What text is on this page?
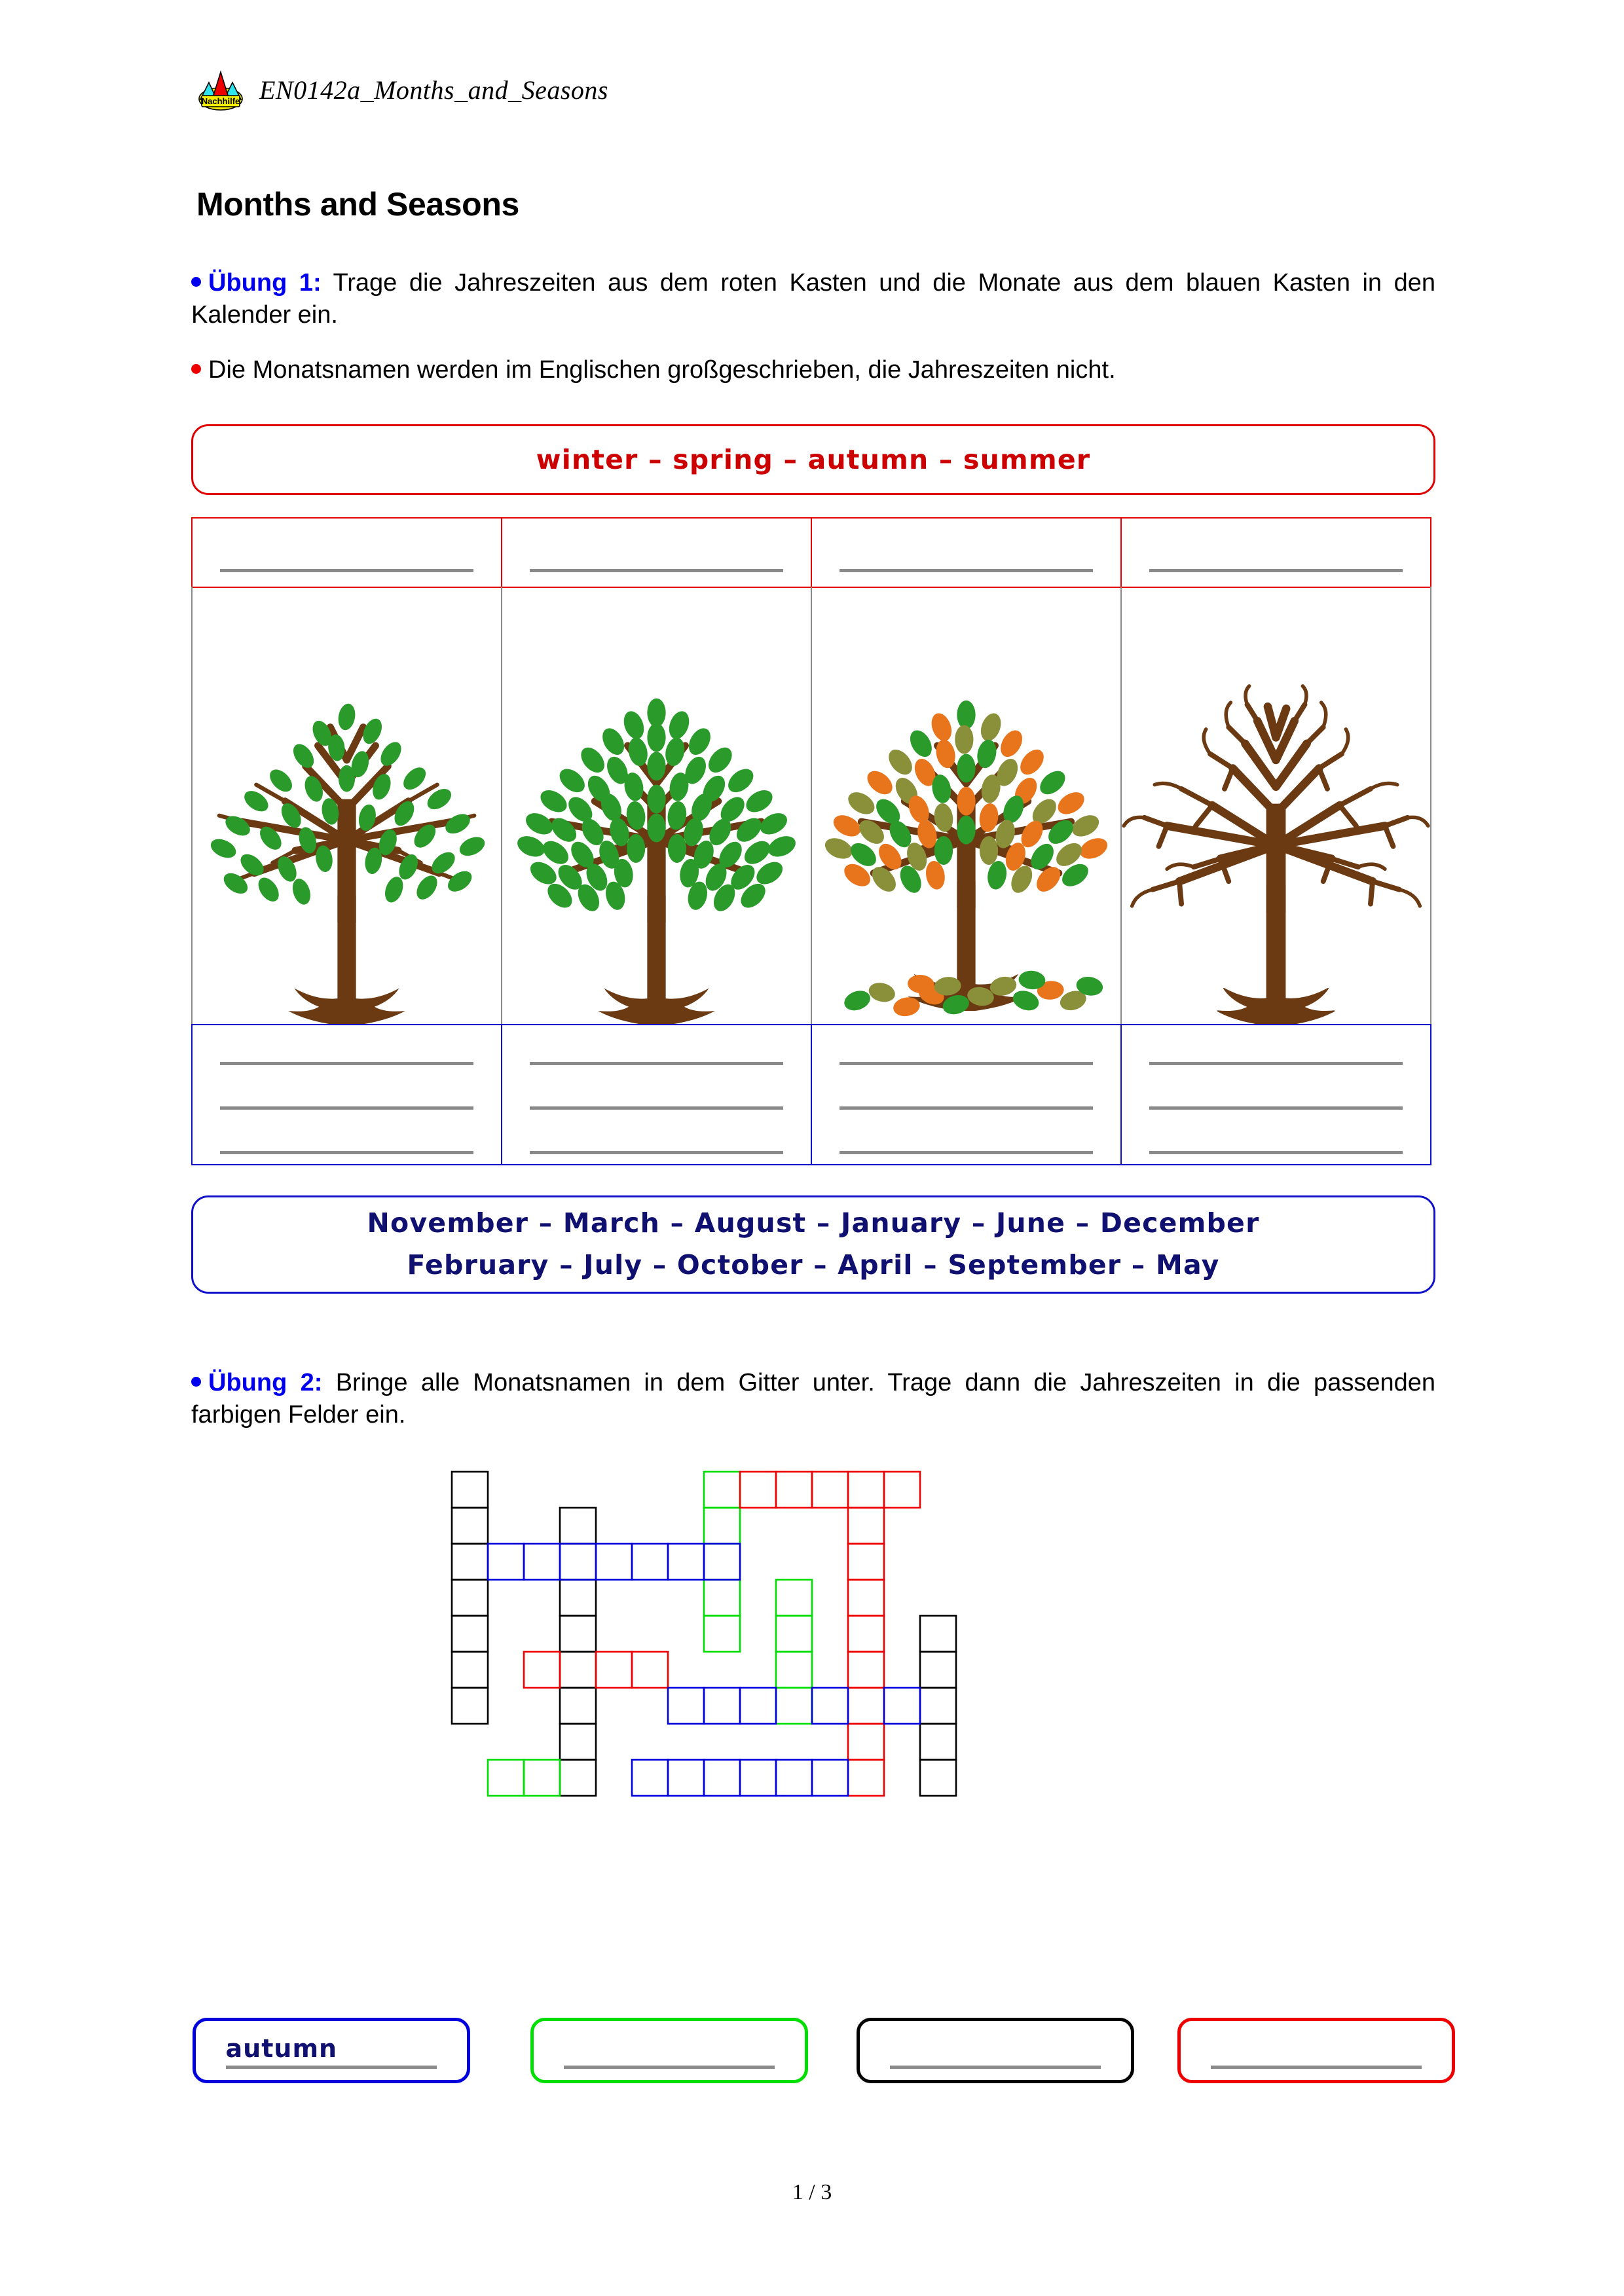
Nachhilfe EN0142a_Months_and_Seasons
Months and Seasons
Übung 1: Trage die Jahreszeiten aus dem roten Kasten und die Monate aus dem blauen Kasten in den Kalender ein.
Die Monatsnamen werden im Englischen großgeschrieben, die Jahreszeiten nicht.
winter – spring – autumn – summer
November – March – August – January – June – December
February – July – October – April – September – May
Übung 2: Bringe alle Monatsnamen in dem Gitter unter. Trage dann die Jahreszeiten in die passenden farbigen Felder ein.
autumn
1 / 3
